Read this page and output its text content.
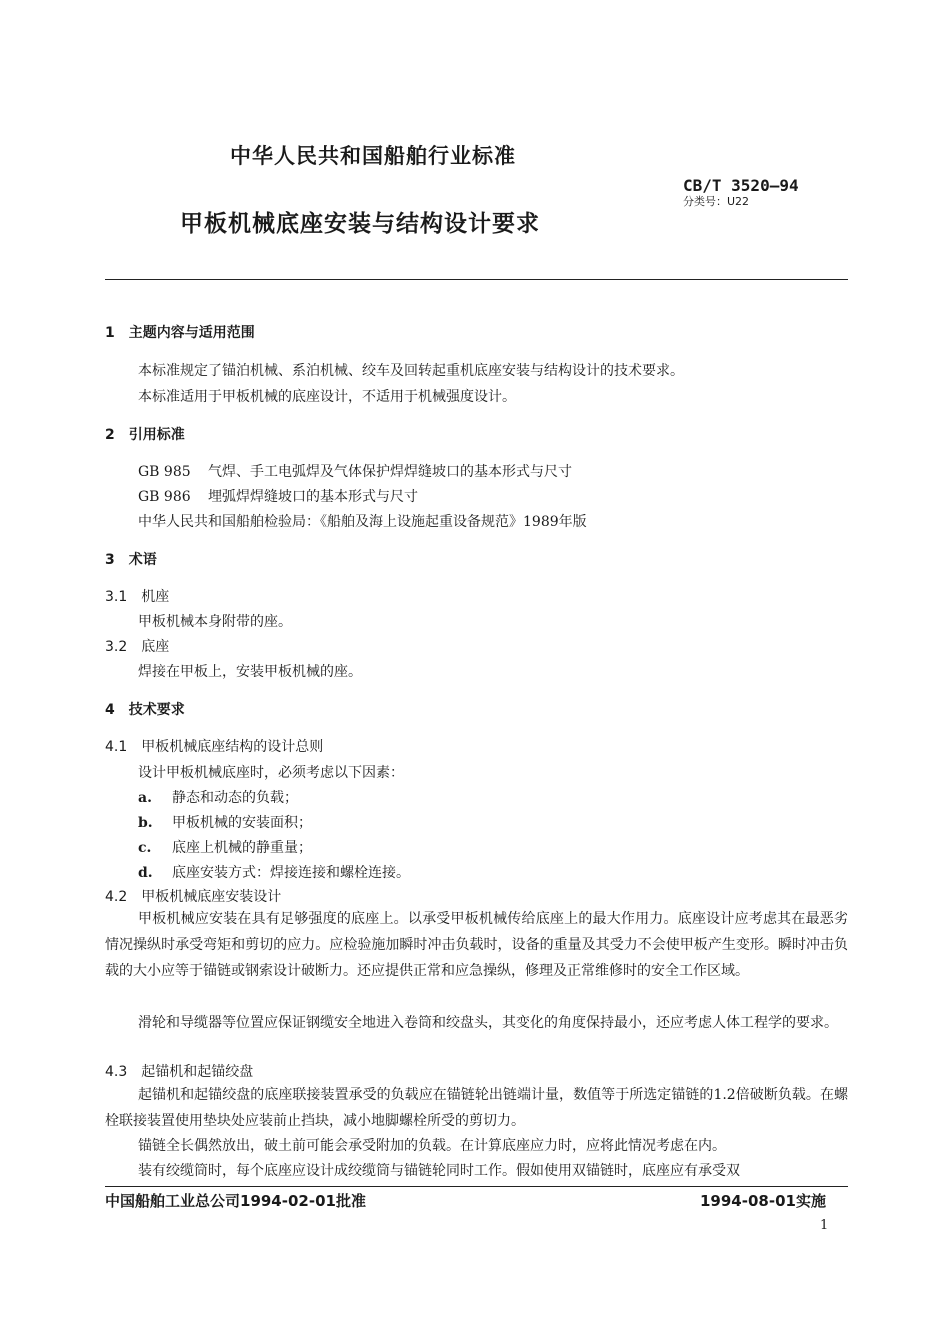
中华人民共和国船舶行业标准
CB/T 3520—94
分类号：U22
甲板机械底座安装与结构设计要求
1　主题内容与适用范围
本标准规定了锚泊机械、系泊机械、绞车及回转起重机底座安装与结构设计的技术要求。
本标准适用于甲板机械的底座设计，不适用于机械强度设计。
2　引用标准
GB 985 气焊、手工电弧焊及气体保护焊焊缝坡口的基本形式与尺寸
GB 986 埋弧焊焊缝坡口的基本形式与尺寸
中华人民共和国船舶检验局：《船舶及海上设施起重设备规范》1989年版
3　术语
3.1　机座
甲板机械本身附带的座。
3.2　底座
焊接在甲板上，安装甲板机械的座。
4　技术要求
4.1　甲板机械底座结构的设计总则
设计甲板机械底座时，必须考虑以下因素：
a. 静态和动态的负载；
b. 甲板机械的安装面积；
c. 底座上机械的静重量；
d. 底座安装方式：焊接连接和螺栓连接。
4.2　甲板机械底座安装设计
甲板机械应安装在具有足够强度的底座上。以承受甲板机械传给底座上的最大作用力。底座设计应考虑其在最恶劣情况操纵时承受弯矩和剪切的应力。应检验施加瞬时冲击负载时，设备的重量及其受力不会使甲板产生变形。瞬时冲击负载的大小应等于锚链或钢索设计破断力。还应提供正常和应急操纵，修理及正常维修时的安全工作区域。
滑轮和导缆器等位置应保证钢缆安全地进入卷筒和绞盘头，其变化的角度保持最小，还应考虑人体工程学的要求。
4.3　起锚机和起锚绞盘
起锚机和起锚绞盘的底座联接装置承受的负载应在锚链轮出链端计量，数值等于所选定锚链的1.2倍破断负载。在螺栓联接装置使用垫块处应装前止挡块，减小地脚螺栓所受的剪切力。
锚链全长偶然放出，破土前可能会承受附加的负载。在计算底座应力时，应将此情况考虑在内。
装有绞缆筒时，每个底座应设计成绞缆筒与锚链轮同时工作。假如使用双锚链时，底座应有承受双
中国船舶工业总公司1994-02-01批准	1994-08-01实施
1
